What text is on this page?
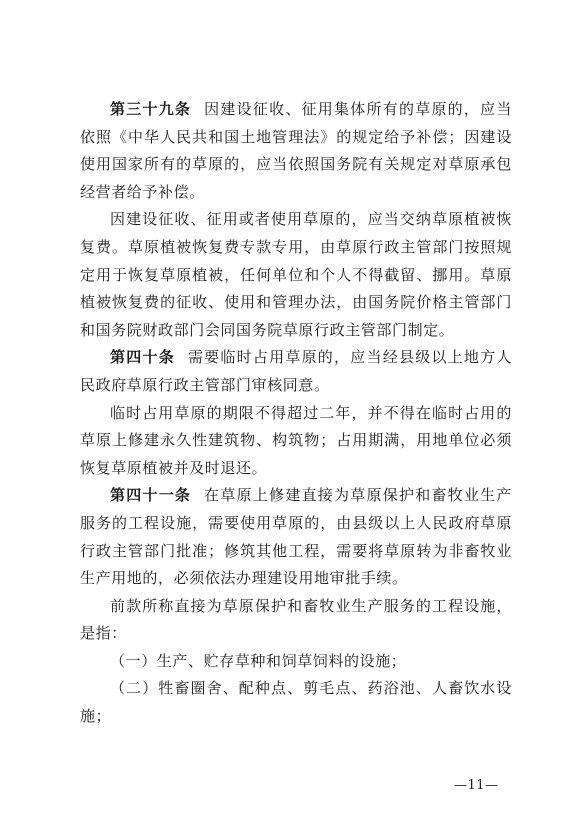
第三十九条 因建设征收、征用集体所有的草原的，应当依照《中华人民共和国土地管理法》的规定给予补偿；因建设使用国家所有的草原的，应当依照国务院有关规定对草原承包经营者给予补偿。

因建设征收、征用或者使用草原的，应当交纳草原植被恢复费。草原植被恢复费专款专用，由草原行政主管部门按照规定用于恢复草原植被，任何单位和个人不得截留、挪用。草原植被恢复费的征收、使用和管理办法，由国务院价格主管部门和国务院财政部门会同国务院草原行政主管部门制定。

第四十条 需要临时占用草原的，应当经县级以上地方人民政府草原行政主管部门审核同意。

临时占用草原的期限不得超过二年，并不得在临时占用的草原上修建永久性建筑物、构筑物；占用期满，用地单位必须恢复草原植被并及时退还。

第四十一条 在草原上修建直接为草原保护和畜牧业生产服务的工程设施，需要使用草原的，由县级以上人民政府草原行政主管部门批准；修筑其他工程，需要将草原转为非畜牧业生产用地的，必须依法办理建设用地审批手续。

前款所称直接为草原保护和畜牧业生产服务的工程设施，是指：

（一）生产、贮存草种和饲草饲料的设施；

（二）牲畜圈舍、配种点、剪毛点、药浴池、人畜饮水设施；

—11—
